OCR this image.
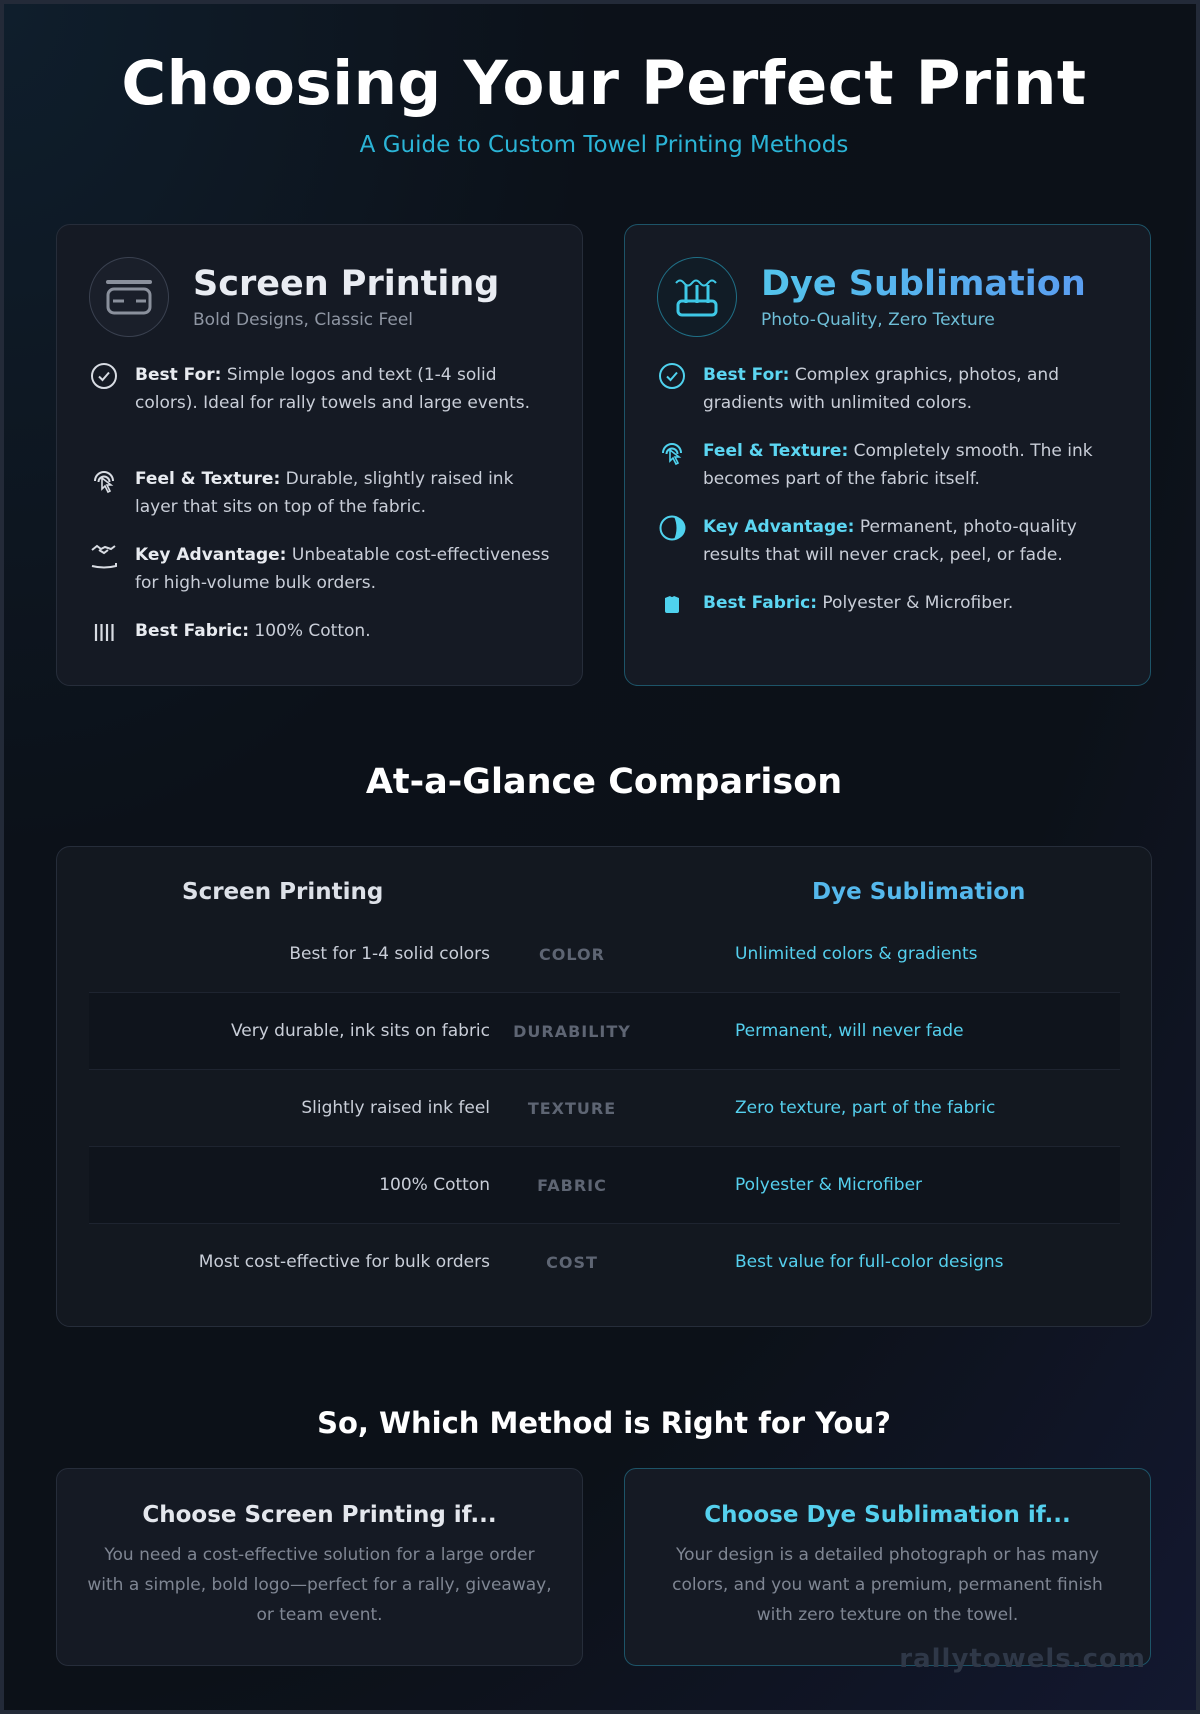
Choosing Your Perfect Print
A Guide to Custom Towel Printing Methods
Screen Printing
Bold Designs, Classic Feel
Best For: Simple logos and text (1-4 solid colors). Ideal for rally towels and large events.
Feel & Texture: Durable, slightly raised ink layer that sits on top of the fabric.
Key Advantage: Unbeatable cost-effectiveness for high-volume bulk orders.
Best Fabric: 100% Cotton.
Dye Sublimation
Photo-Quality, Zero Texture
Best For: Complex graphics, photos, and gradients with unlimited colors.
Feel & Texture: Completely smooth. The ink becomes part of the fabric itself.
Key Advantage: Permanent, photo-quality results that will never crack, peel, or fade.
Best Fabric: Polyester & Microfiber.
At-a-Glance Comparison
Screen Printing	Dye Sublimation
Best for 1-4 solid colors	COLOR	Unlimited colors & gradients
Very durable, ink sits on fabric	DURABILITY	Permanent, will never fade
Slightly raised ink feel	TEXTURE	Zero texture, part of the fabric
100% Cotton	FABRIC	Polyester & Microfiber
Most cost-effective for bulk orders	COST	Best value for full-color designs
So, Which Method is Right for You?
Choose Screen Printing if...
You need a cost-effective solution for a large order with a simple, bold logo—perfect for a rally, giveaway, or team event.
Choose Dye Sublimation if...
Your design is a detailed photograph or has many colors, and you want a premium, permanent finish with zero texture on the towel.
rallytowels.com
